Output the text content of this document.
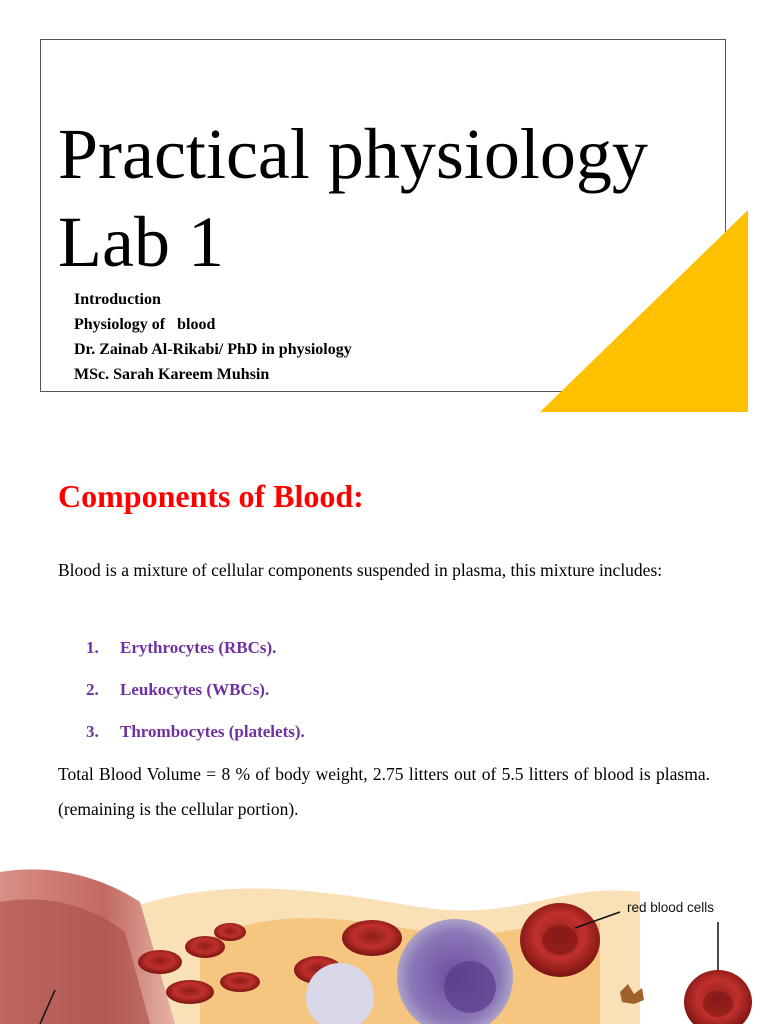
Practical physiology
Lab 1
Introduction
Physiology of   blood
Dr. Zainab Al-Rikabi/ PhD in physiology
MSc. Sarah Kareem Muhsin
Components of Blood:

Blood is a mixture of cellular components suspended in plasma, this mixture includes:

1.	Erythrocytes (RBCs).
2.	Leukocytes (WBCs).
3.	Thrombocytes (platelets).

Total Blood Volume = 8 % of body weight, 2.75 litters out of 5.5 litters of blood is plasma. (remaining is the cellular portion).

red blood cells
